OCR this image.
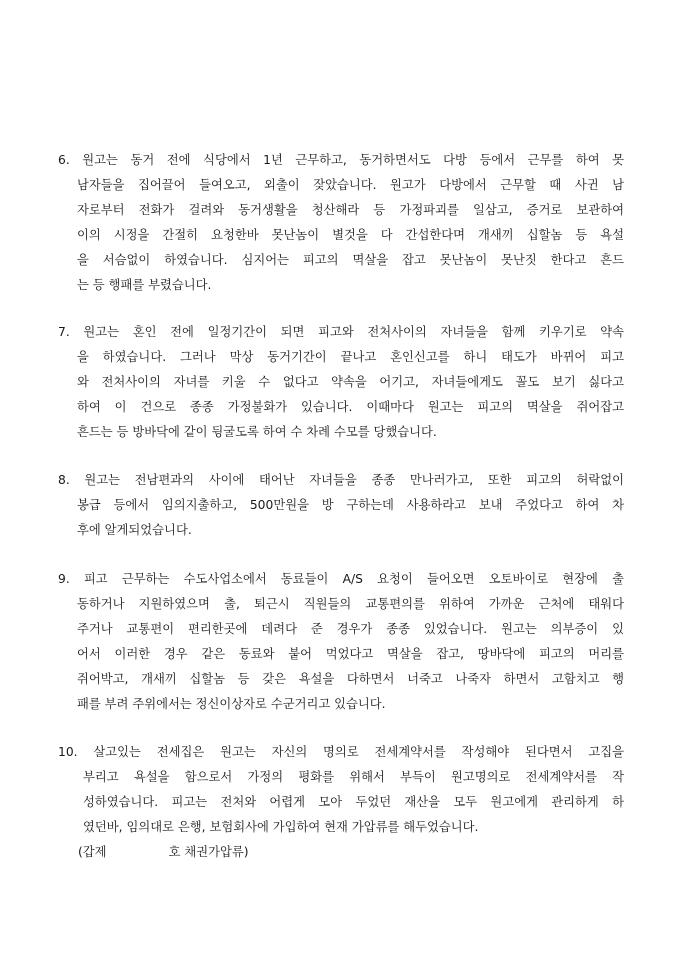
6. 원고는 동거 전에 식당에서 1년 근무하고, 동거하면서도 다방 등에서 근무를 하여 못
남자들을 집어끌어 들여오고, 외출이 잦았습니다. 원고가 다방에서 근무할 때 사귄 남
자로부터 전화가 걸려와 동거생활을 청산해라 등 가정파괴를 일삼고, 증거로 보관하여
이의 시정을 간절히 요청한바 못난놈이 별것을 다 간섭한다며 개새끼 십할놈 등 욕설
을 서슴없이 하였습니다. 심지어는 피고의 멱살을 잡고 못난놈이 못난짓 한다고 흔드
는 등 행패를 부렸습니다.
7. 원고는 혼인 전에 일정기간이 되면 피고와 전처사이의 자녀들을 함께 키우기로 약속
을 하였습니다. 그러나 막상 동거기간이 끝나고 혼인신고를 하니 태도가 바뀌어 피고
와 전처사이의 자녀를 키울 수 없다고 약속을 어기고, 자녀들에게도 꼴도 보기 싫다고
하여 이 건으로 종종 가정불화가 있습니다. 이때마다 원고는 피고의 멱살을 쥐어잡고
흔드는 등 방바닥에 같이 뒹굴도록 하여 수 차례 수모를 당했습니다.
8. 원고는 전남편과의 사이에 태어난 자녀들을 종종 만나러가고, 또한 피고의 허락없이
봉급 등에서 임의지출하고, 500만원을 방 구하는데 사용하라고 보내 주었다고 하여 차
후에 알게되었습니다.
9. 피고 근무하는 수도사업소에서 동료들이 A/S 요청이 들어오면 오토바이로 현장에 출
동하거나 지원하였으며 출, 퇴근시 직원들의 교통편의를 위하여 가까운 근처에 태워다
주거나 교통편이 편리한곳에 데려다 준 경우가 종종 있었습니다. 원고는 의부증이 있
어서 이러한 경우 같은 동료와 붙어 먹었다고 멱살을 잡고, 땅바닥에 피고의 머리를
쥐어박고, 개새끼 십할놈 등 갖은 욕설을 다하면서 너죽고 나죽자 하면서 고함치고 행
패를 부려 주위에서는 정신이상자로 수군거리고 있습니다.
10. 살고있는 전세집은 원고는 자신의 명의로 전세계약서를 작성해야 된다면서 고집을
부리고 욕설을 함으로서 가정의 평화를 위해서 부득이 원고명의로 전세계약서를 작
성하였습니다. 피고는 전처와 어렵게 모아 두었던 재산을 모두 원고에게 관리하게 하
였던바, 임의대로 은행, 보험회사에 가입하여 현재 가압류를 해두었습니다.
(갑제	호 채권가압류)
